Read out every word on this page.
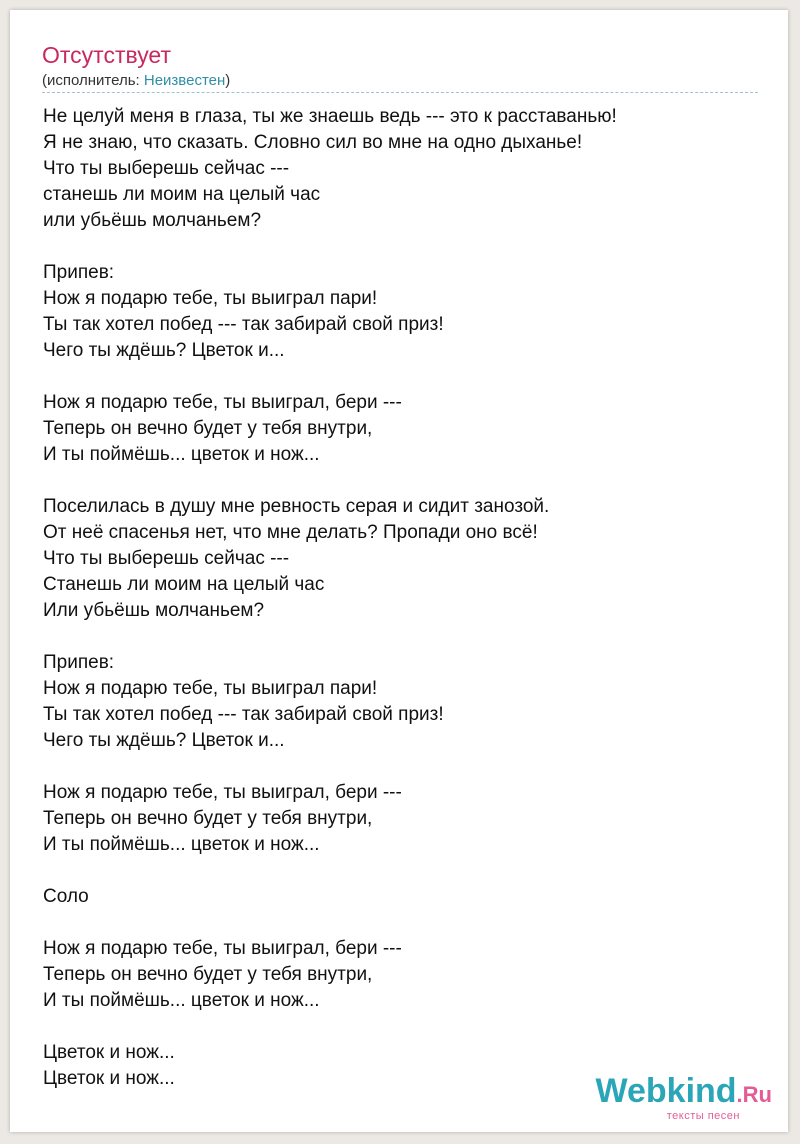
Отсутствует
(исполнитель: Неизвестен)
Не целуй меня в глаза, ты же знаешь ведь --- это к расставанью!
Я не знаю, что сказать. Словно сил во мне на одно дыханье!
Что ты выберешь сейчас ---
станешь ли моим на целый час
или убьёшь молчаньем?

Припев:
Нож я подарю тебе, ты выиграл пари!
Ты так хотел побед --- так забирай свой приз!
Чего ты ждёшь? Цветок и...

Нож я подарю тебе, ты выиграл, бери ---
Теперь он вечно будет у тебя внутри,
И ты поймёшь... цветок и нож...

Поселилась в душу мне ревность серая и сидит занозой.
От неё спасенья нет, что мне делать? Пропади оно всё!
Что ты выберешь сейчас ---
Станешь ли моим на целый час
Или убьёшь молчаньем?

Припев:
Нож я подарю тебе, ты выиграл пари!
Ты так хотел побед --- так забирай свой приз!
Чего ты ждёшь? Цветок и...

Нож я подарю тебе, ты выиграл, бери ---
Теперь он вечно будет у тебя внутри,
И ты поймёшь... цветок и нож...

Соло

Нож я подарю тебе, ты выиграл, бери ---
Теперь он вечно будет у тебя внутри,
И ты поймёшь... цветок и нож...

Цветок и нож...
Цветок и нож...	Webkind.Ru
тексты песен
